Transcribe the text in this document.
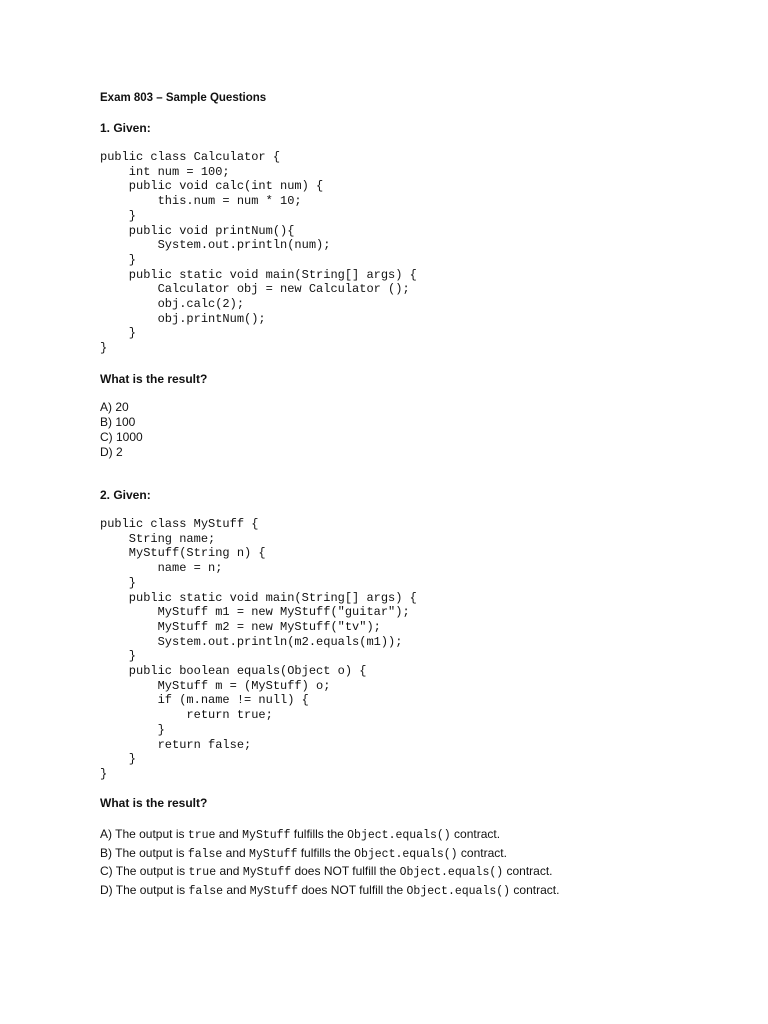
Exam 803 – Sample Questions
1. Given:
public class Calculator {
int num = 100;
public void calc(int num) {
this.num = num * 10;
}
public void printNum(){
System.out.println(num);
}
public static void main(String[] args) {
Calculator obj = new Calculator ();
obj.calc(2);
obj.printNum();
}
}
What is the result?
A) 20
B) 100
C) 1000
D) 2
2. Given:
public class MyStuff {
String name;
MyStuff(String n) {
name = n;
}
public static void main(String[] args) {
MyStuff m1 = new MyStuff("guitar");
MyStuff m2 = new MyStuff("tv");
System.out.println(m2.equals(m1));
}
public boolean equals(Object o) {
MyStuff m = (MyStuff) o;
if (m.name != null) {
return true;
}
return false;
}
}
What is the result?
A) The output is true and MyStuff fulfills the Object.equals() contract.
B) The output is false and MyStuff fulfills the Object.equals() contract.
C) The output is true and MyStuff does NOT fulfill the Object.equals() contract.
D) The output is false and MyStuff does NOT fulfill the Object.equals() contract.
